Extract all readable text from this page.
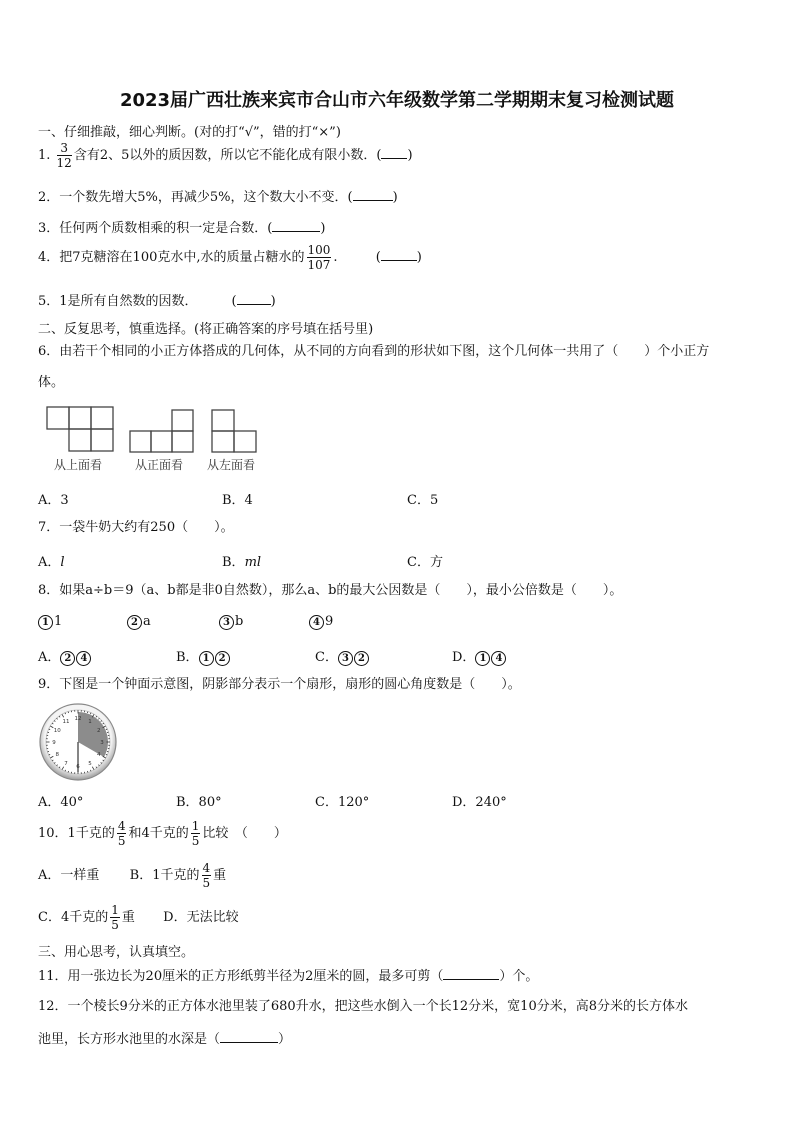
2023届广西壮族来宾市合山市六年级数学第二学期期末复习检测试题
一、仔细推敲，细心判断。(对的打“√”，错的打“×”)
1. $\frac{3}{12}$ 含有2、5以外的质因数，所以它不能化成有限小数．( )
2．一个数先增大5%，再减少5%，这个数大小不变．(	)
3．任何两个质数相乘的积一定是合数．(	)
4．把7克糖溶在100克水中,水的质量占糖水的 $\frac{100}{107}$ .	(	)
5．1是所有自然数的因数．	(	)
二、反复思考，慎重选择。(将正确答案的序号填在括号里)
6．由若干个相同的小正方体搭成的几何体，从不同的方向看到的形状如下图，这个几何体一共用了（　　）个小正方
体。
从上面看	从正面看 从左面看
A．3	B．4	C．5
7．一袋牛奶大约有250（　　）。
A．l	B．ml	C．方
8．如果a÷b＝9（a、b都是非0自然数），那么a、b的最大公因数是（　　），最小公倍数是（　　）。
1 1	2 a	3 b	4 9
A． 2 4	B． 1 2	C． 3 2	D． 1 4
9．下图是一个钟面示意图，阴影部分表示一个扇形，扇形的圆心角度数是（　　）。
1
2
3
4
5
6
7
8
9
10
11
12
A．40°	B．80°	C．120°	D．240°
10．1千克的 $\frac{4}{5}$ 和4千克的 $\frac{1}{5}$ 比较　（　　）
A．一样重 B．1千克的 $\frac{4}{5}$ 重
C．4千克的 $\frac{1}{5}$ 重 D．无法比较
三、用心思考，认真填空。
11．用一张边长为20厘米的正方形纸剪半径为2厘米的圆，最多可剪（	）个。
12．一个棱长9分米的正方体水池里装了680升水，把这些水倒入一个长12分米，宽10分米，高8分米的长方体水
池里，长方形水池里的水深是（	）
